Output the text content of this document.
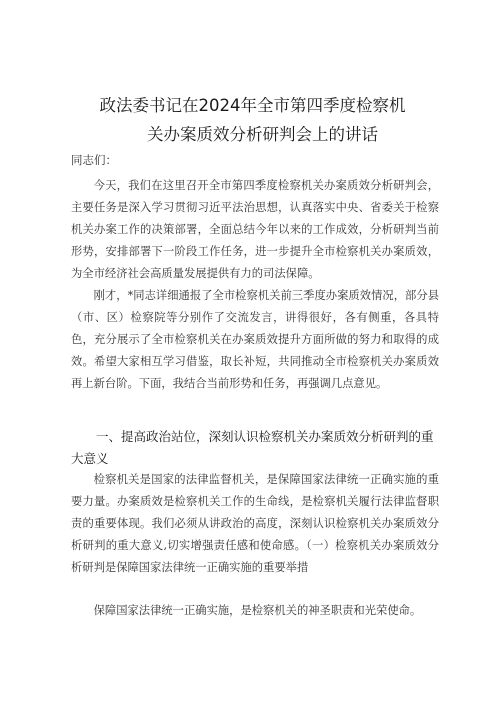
政法委书记在2024年全市第四季度检察机
关办案质效分析研判会上的讲话
同志们：

今天，我们在这里召开全市第四季度检察机关办案质效分析研判会，主要任务是深入学习贯彻习近平法治思想，认真落实中央、省委关于检察机关办案工作的决策部署，全面总结今年以来的工作成效，分析研判当前形势，安排部署下一阶段工作任务，进一步提升全市检察机关办案质效，为全市经济社会高质量发展提供有力的司法保障。

刚才，*同志详细通报了全市检察机关前三季度办案质效情况，部分县（市、区）检察院等分别作了交流发言，讲得很好，各有侧重，各具特色，充分展示了全市检察机关在办案质效提升方面所做的努力和取得的成效。希望大家相互学习借鉴，取长补短，共同推动全市检察机关办案质效再上新台阶。下面，我结合当前形势和任务，再强调几点意见。

一、提高政治站位，深刻认识检察机关办案质效分析研判的重大意义

检察机关是国家的法律监督机关，是保障国家法律统一正确实施的重要力量。办案质效是检察机关工作的生命线，是检察机关履行法律监督职责的重要体现。我们必须从讲政治的高度，深刻认识检察机关办案质效分析研判的重大意义,切实增强责任感和使命感。（一）检察机关办案质效分析研判是保障国家法律统一正确实施的重要举措

保障国家法律统一正确实施，是检察机关的神圣职责和光荣使命。
